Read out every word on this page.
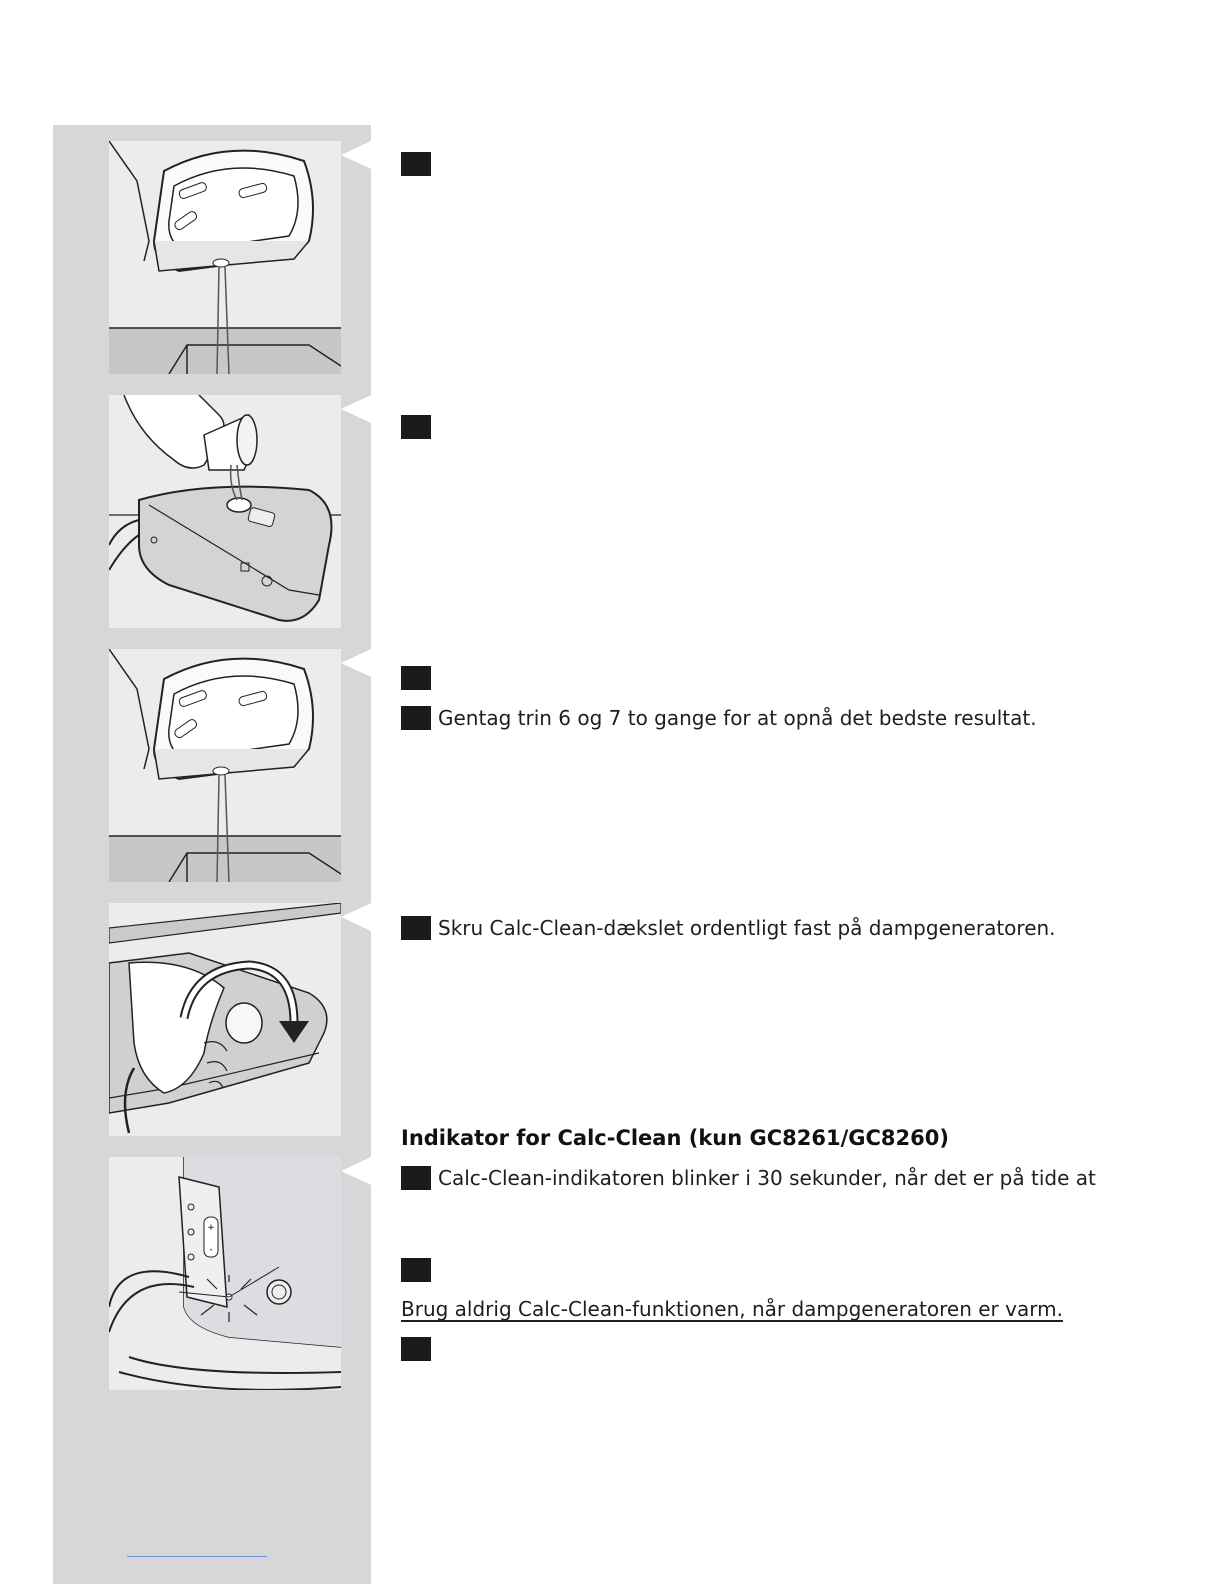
+
-
Gentag trin 6 og 7 to gange for at opnå det bedste resultat.
Skru Calc-Clean-dækslet ordentligt fast på dampgeneratoren.
Indikator for Calc-Clean (kun GC8261/GC8260)
Calc-Clean-indikatoren blinker i 30 sekunder, når det er på tide at
Brug aldrig Calc-Clean-funktionen, når dampgeneratoren er varm.
